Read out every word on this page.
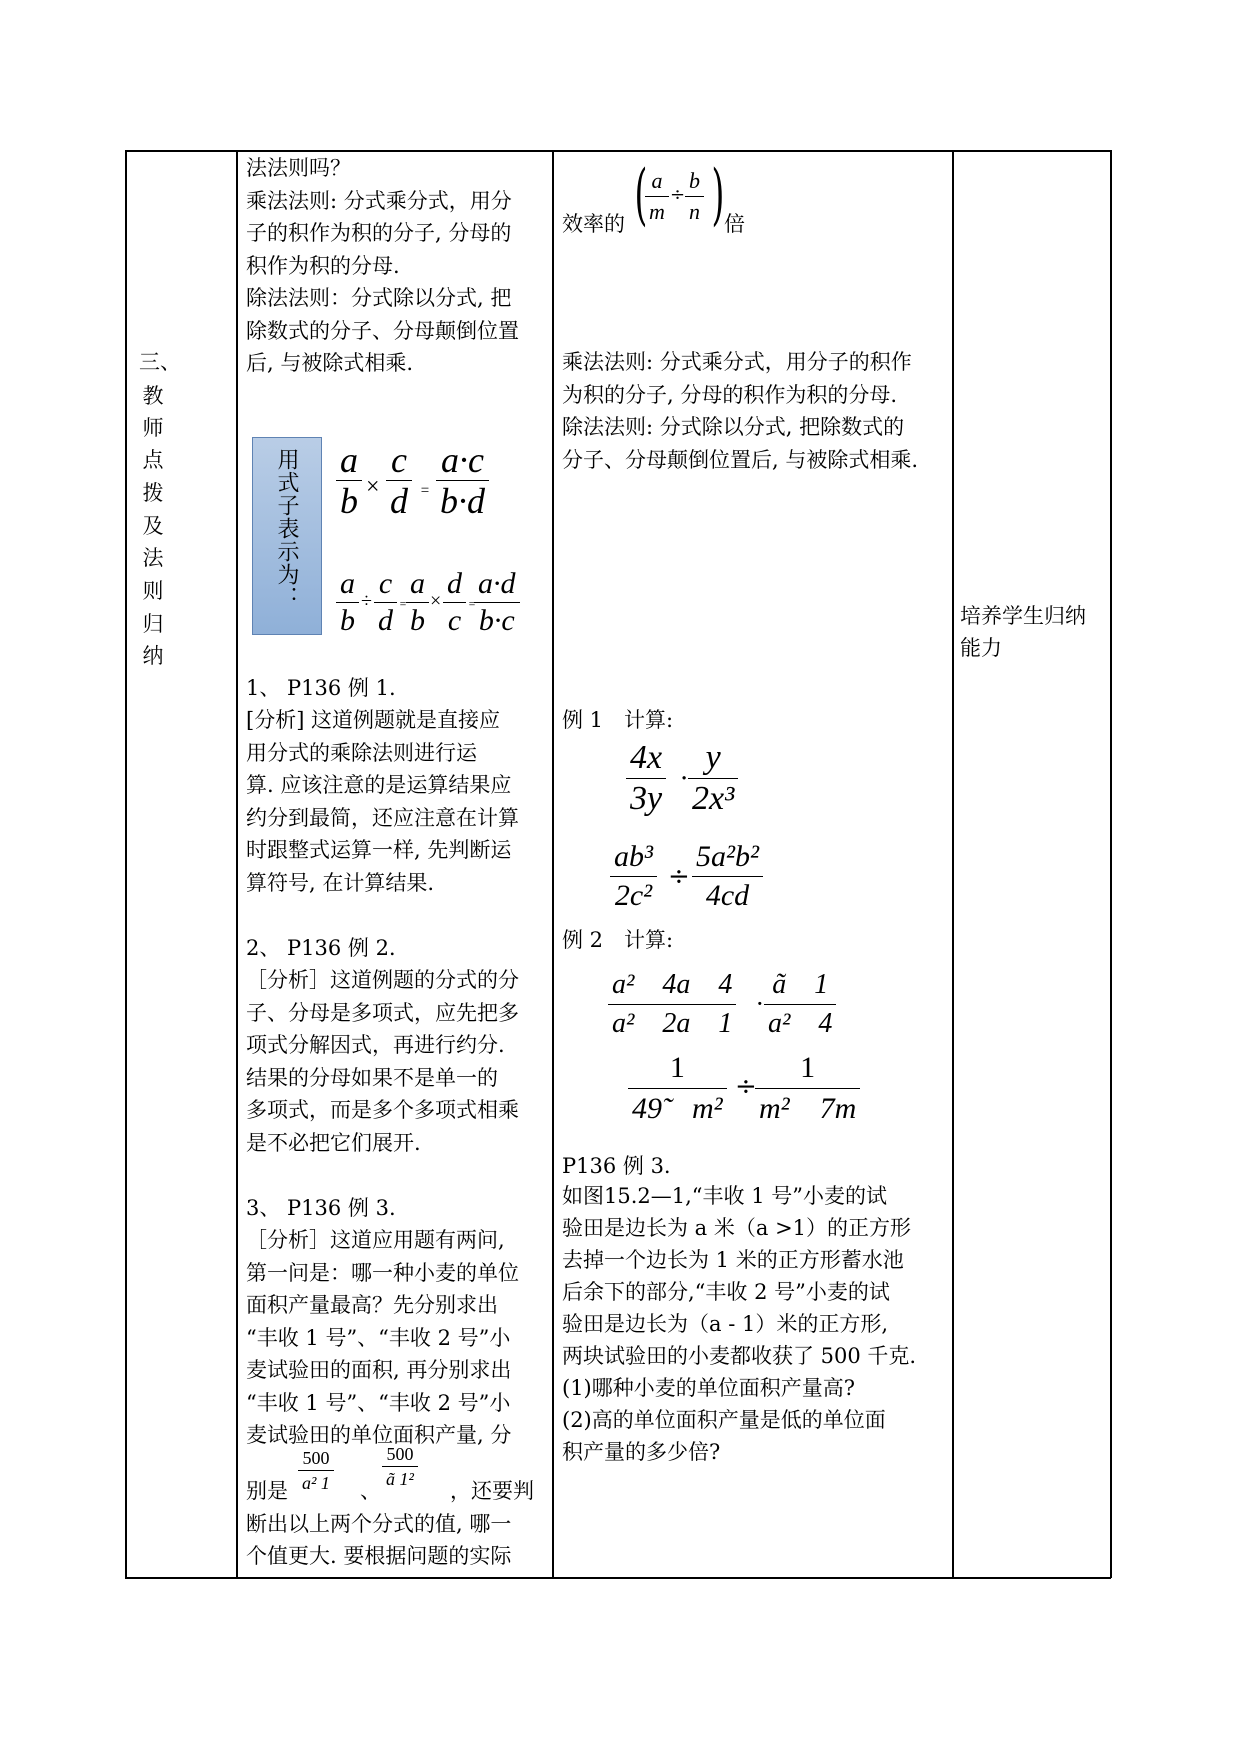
三、
教
师
点
拨
及
法
则
归
纳
法法则吗？
乘法法则: 分式乘分式，用分
子的积作为积的分子, 分母的
积作为积的分母.
除法法则：分式除以分式, 把
除数式的分子、分母颠倒位置
后, 与被除式相乘.
用式子表示为： a
b ×
c
d ﹦
a·c
b·d
a
b
÷
c
d
﹦
a
b
×
d
c
﹦
a·d
b·c
1、 P136 例 1.
[分析] 这道例题就是直接应
用分式的乘除法则进行运
算. 应该注意的是运算结果应
约分到最简，还应注意在计算
时跟整式运算一样, 先判断运
算符号, 在计算结果.
2、 P136 例 2．
［分析］这道例题的分式的分
子、分母是多项式，应先把多
项式分解因式，再进行约分.
结果的分母如果不是单一的
多项式，而是多个多项式相乘
是不必把它们展开.
3、 P136 例 3.
［分析］这道应用题有两问,
第一问是：哪一种小麦的单位
面积产量最高？先分别求出
“丰收 1 号”、“丰收 2 号”小
麦试验田的面积, 再分别求出
“丰收 1 号”、“丰收 2 号”小
麦试验田的单位面积产量, 分
别是
500
a² 1 、
500
ã 1² ，还要判
断出以上两个分式的值, 哪一
个值更大. 要根据问题的实际
效率的 ( a
m
÷
b
n ) 倍
乘法法则: 分式乘分式，用分子的积作
为积的分子, 分母的积作为积的分母.
除法法则: 分式除以分式, 把除数式的
分子、分母颠倒位置后, 与被除式相乘.
例 1　计算:
4x
3y
·
y
2x³
ab³
2c²
÷
5a²b²
4cd
例 2　计算:
a²　4a　4
a²　2a　1
·
ã　1
a²　4
1
49̃　m²
÷
1
m²　7m
P136 例 3.
如图15.2—1,“丰收 1 号”小麦的试
验田是边长为 a 米（a >1）的正方形
去掉一个边长为 1 米的正方形蓄水池
后余下的部分,“丰收 2 号”小麦的试
验田是边长为（a - 1）米的正方形,
两块试验田的小麦都收获了 500 千克.
(1)哪种小麦的单位面积产量高?
(2)高的单位面积产量是低的单位面
积产量的多少倍?
培养学生归纳
能力
